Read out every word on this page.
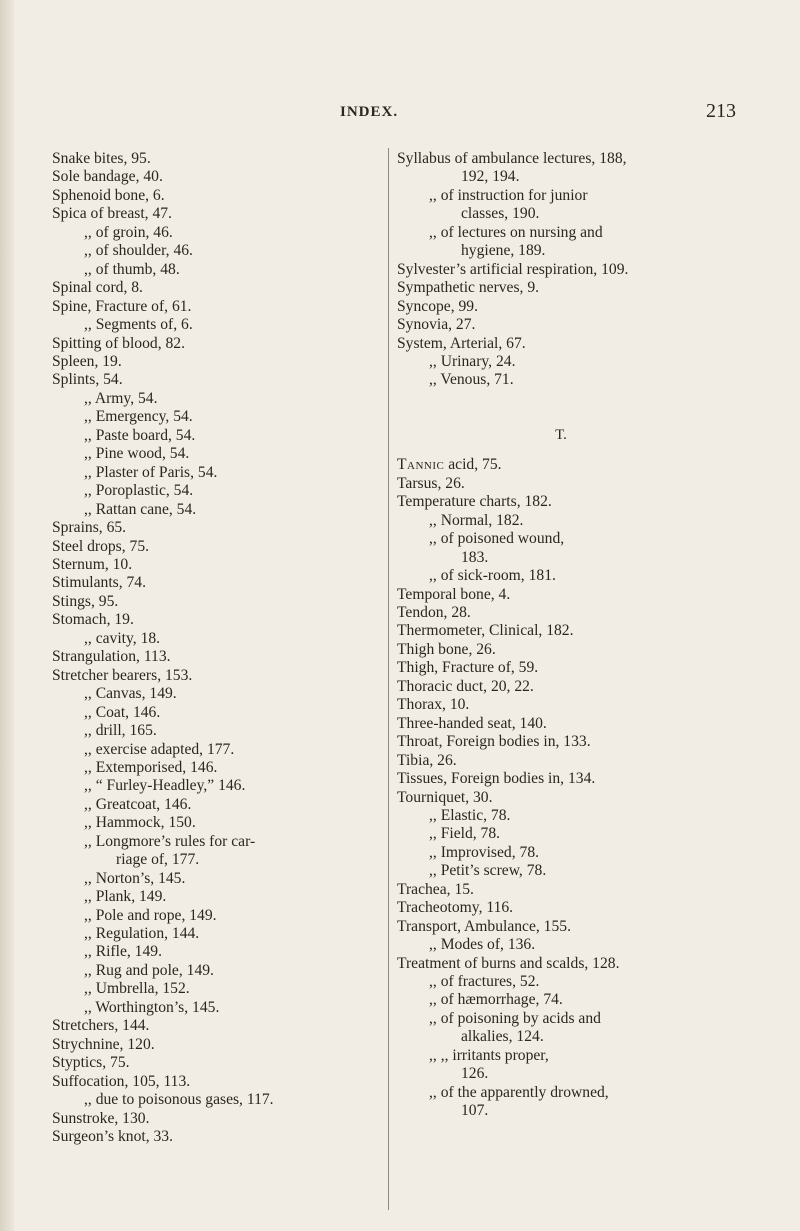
INDEX.	213
Snake bites, 95.
Sole bandage, 40.
Sphenoid bone, 6.
Spica of breast, 47.
,, of groin, 46.
,, of shoulder, 46.
,, of thumb, 48.
Spinal cord, 8.
Spine, Fracture of, 61.
,, Segments of, 6.
Spitting of blood, 82.
Spleen, 19.
Splints, 54.
,, Army, 54.
,, Emergency, 54.
,, Paste board, 54.
,, Pine wood, 54.
,, Plaster of Paris, 54.
,, Poroplastic, 54.
,, Rattan cane, 54.
Sprains, 65.
Steel drops, 75.
Sternum, 10.
Stimulants, 74.
Stings, 95.
Stomach, 19.
,, cavity, 18.
Strangulation, 113.
Stretcher bearers, 153.
,, Canvas, 149.
,, Coat, 146.
,, drill, 165.
,, exercise adapted, 177.
,, Extemporised, 146.
,, “ Furley-Headley,” 146.
,, Greatcoat, 146.
,, Hammock, 150.
,, Longmore’s rules for car-
riage of, 177.
,, Norton’s, 145.
,, Plank, 149.
,, Pole and rope, 149.
,, Regulation, 144.
,, Rifle, 149.
,, Rug and pole, 149.
,, Umbrella, 152.
,, Worthington’s, 145.
Stretchers, 144.
Strychnine, 120.
Styptics, 75.
Suffocation, 105, 113.
,, due to poisonous gases, 117.
Sunstroke, 130.
Surgeon’s knot, 33.
Syllabus of ambulance lectures, 188,
192, 194.
,, of instruction for junior
classes, 190.
,, of lectures on nursing and
hygiene, 189.
Sylvester’s artificial respiration, 109.
Sympathetic nerves, 9.
Syncope, 99.
Synovia, 27.
System, Arterial, 67.
,, Urinary, 24.
,, Venous, 71.
T.
Tannic acid, 75.
Tarsus, 26.
Temperature charts, 182.
,, Normal, 182.
,, of poisoned wound,
183.
,, of sick-room, 181.
Temporal bone, 4.
Tendon, 28.
Thermometer, Clinical, 182.
Thigh bone, 26.
Thigh, Fracture of, 59.
Thoracic duct, 20, 22.
Thorax, 10.
Three-handed seat, 140.
Throat, Foreign bodies in, 133.
Tibia, 26.
Tissues, Foreign bodies in, 134.
Tourniquet, 30.
,, Elastic, 78.
,, Field, 78.
,, Improvised, 78.
,, Petit’s screw, 78.
Trachea, 15.
Tracheotomy, 116.
Transport, Ambulance, 155.
,, Modes of, 136.
Treatment of burns and scalds, 128.
,, of fractures, 52.
,, of hæmorrhage, 74.
,, of poisoning by acids and
alkalies, 124.
,, ,, irritants proper,
126.
,, of the apparently drowned,
107.
